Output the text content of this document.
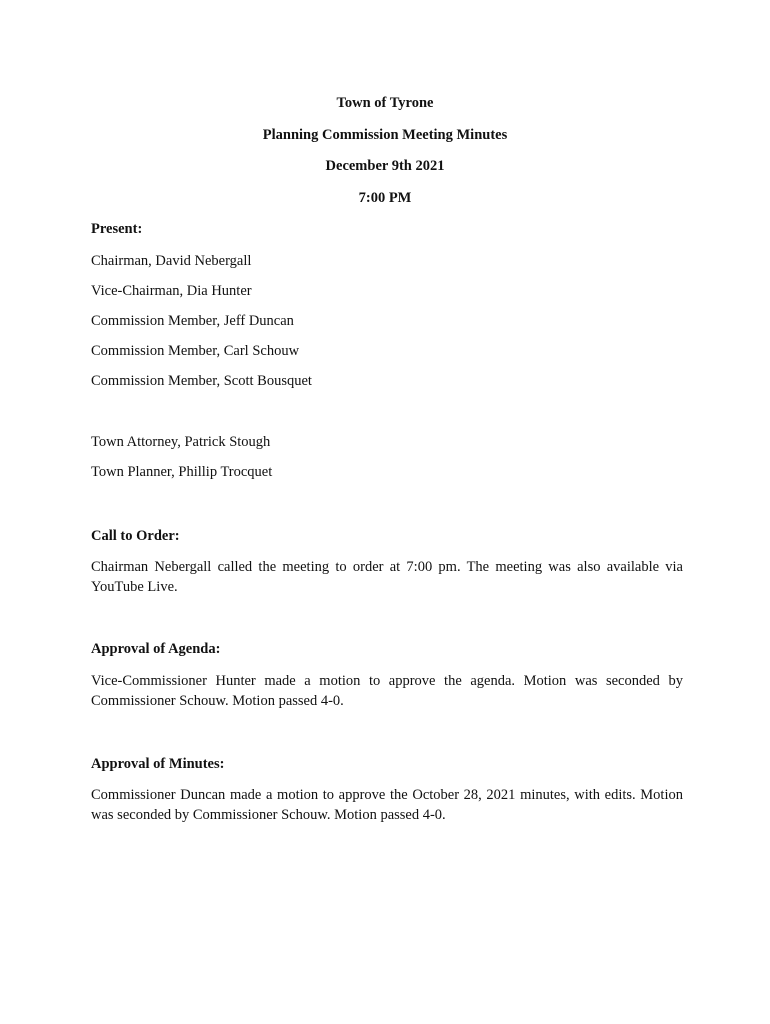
Town of Tyrone
Planning Commission Meeting Minutes
December 9th 2021
7:00 PM
Present:
Chairman, David Nebergall
Vice-Chairman, Dia Hunter
Commission Member, Jeff Duncan
Commission Member, Carl Schouw
Commission Member, Scott Bousquet
Town Attorney, Patrick Stough
Town Planner, Phillip Trocquet
Call to Order:

Chairman Nebergall called the meeting to order at 7:00 pm. The meeting was also available via YouTube Live.

Approval of Agenda:

Vice-Commissioner Hunter made a motion to approve the agenda. Motion was seconded by Commissioner Schouw. Motion passed 4-0.

Approval of Minutes:

Commissioner Duncan made a motion to approve the October 28, 2021 minutes, with edits. Motion was seconded by Commissioner Schouw. Motion passed 4-0.
